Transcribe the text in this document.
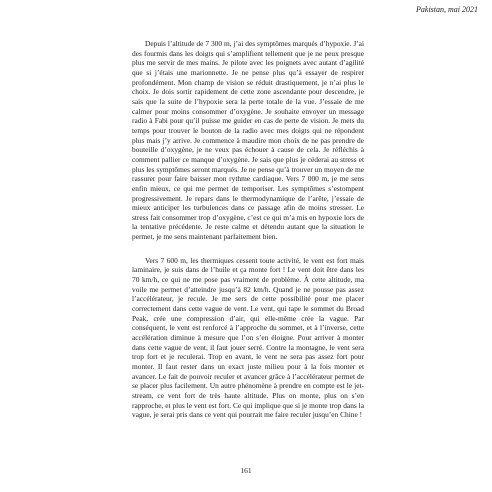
Pakistan, mai 2021

Depuis l’altitude de 7 300 m, j’ai des symptômes marqués d’hypoxie. J’ai des fourmis dans les doigts qui s’amplifient tellement que je ne peux presque plus me servir de mes mains. Je pilote avec les poignets avec autant d’agilité que si j’étais une marionnette. Je ne pense plus qu’à essayer de respirer profondément. Mon champ de vision se réduit drastiquement, je n’ai plus le choix. Je dois sortir rapidement de cette zone ascendante pour descendre, je sais que la suite de l’hypoxie sera la perte totale de la vue. J’essaie de me calmer pour moins consommer d’oxygène. Je souhaite envoyer un message radio à Fabi pour qu’il puisse me guider en cas de perte de vision. Je mets du temps pour trouver le bouton de la radio avec mes doigts qui ne répondent plus mais j’y arrive. Je commence à maudire mon choix de ne pas prendre de bouteille d’oxygène, je ne veux pas échouer à cause de cela. Je réfléchis à comment pallier ce manque d’oxygène. Je sais que plus je céderai au stress et plus les symptômes seront marqués. Je ne pense qu’à trouver un moyen de me rassurer pour faire baisser mon rythme cardiaque. Vers 7 000 m, je me sens enfin mieux, ce qui me permet de temporiser. Les symptômes s’estompent progressivement. Je repars dans le thermodynamique de l’arête, j’essaie de mieux anticiper les turbulences dans ce passage afin de moins stresser. Le stress fait consommer trop d’oxygène, c’est ce qui m’a mis en hypoxie lors de la tentative précédente. Je reste calme et détendu autant que la situation le permet, je me sens maintenant parfaitement bien.

Vers 7 600 m, les thermiques cessent toute activité, le vent est fort mais laminaire, je suis dans de l’huile et ça monte fort ! Le vent doit être dans les 70 km/h, ce qui ne me pose pas vraiment de problème. À cette altitude, ma voile me permet d’atteindre jusqu’à 82 km/h. Quand je ne pousse pas assez l’accélérateur, je recule. Je me sers de cette possibilité pour me placer correctement dans cette vague de vent. Le vent, qui tape le sommet du Broad Peak, crée une compression d’air, qui elle-même crée la vague. Par conséquent, le vent est renforcé à l’approche du sommet, et à l’inverse, cette accélération diminue à mesure que l’on s’en éloigne. Pour arriver à monter dans cette vague de vent, il faut jouer serré. Contre la montagne, le vent sera trop fort et je reculerai. Trop en avant, le vent ne sera pas assez fort pour monter. Il faut rester dans un exact juste milieu pour à la fois monter et avancer. Le fait de pouvoir reculer et avancer grâce à l’accélérateur permet de se placer plus facilement. Un autre phénomène à prendre en compte est le jet-stream, ce vent fort de très haute altitude. Plus on monte, plus on s’en rapproche, et plus le vent est fort. Ce qui implique que si je monte trop dans la vague, je serai pris dans ce vent qui pourrait me faire reculer jusqu’en Chine !

161
